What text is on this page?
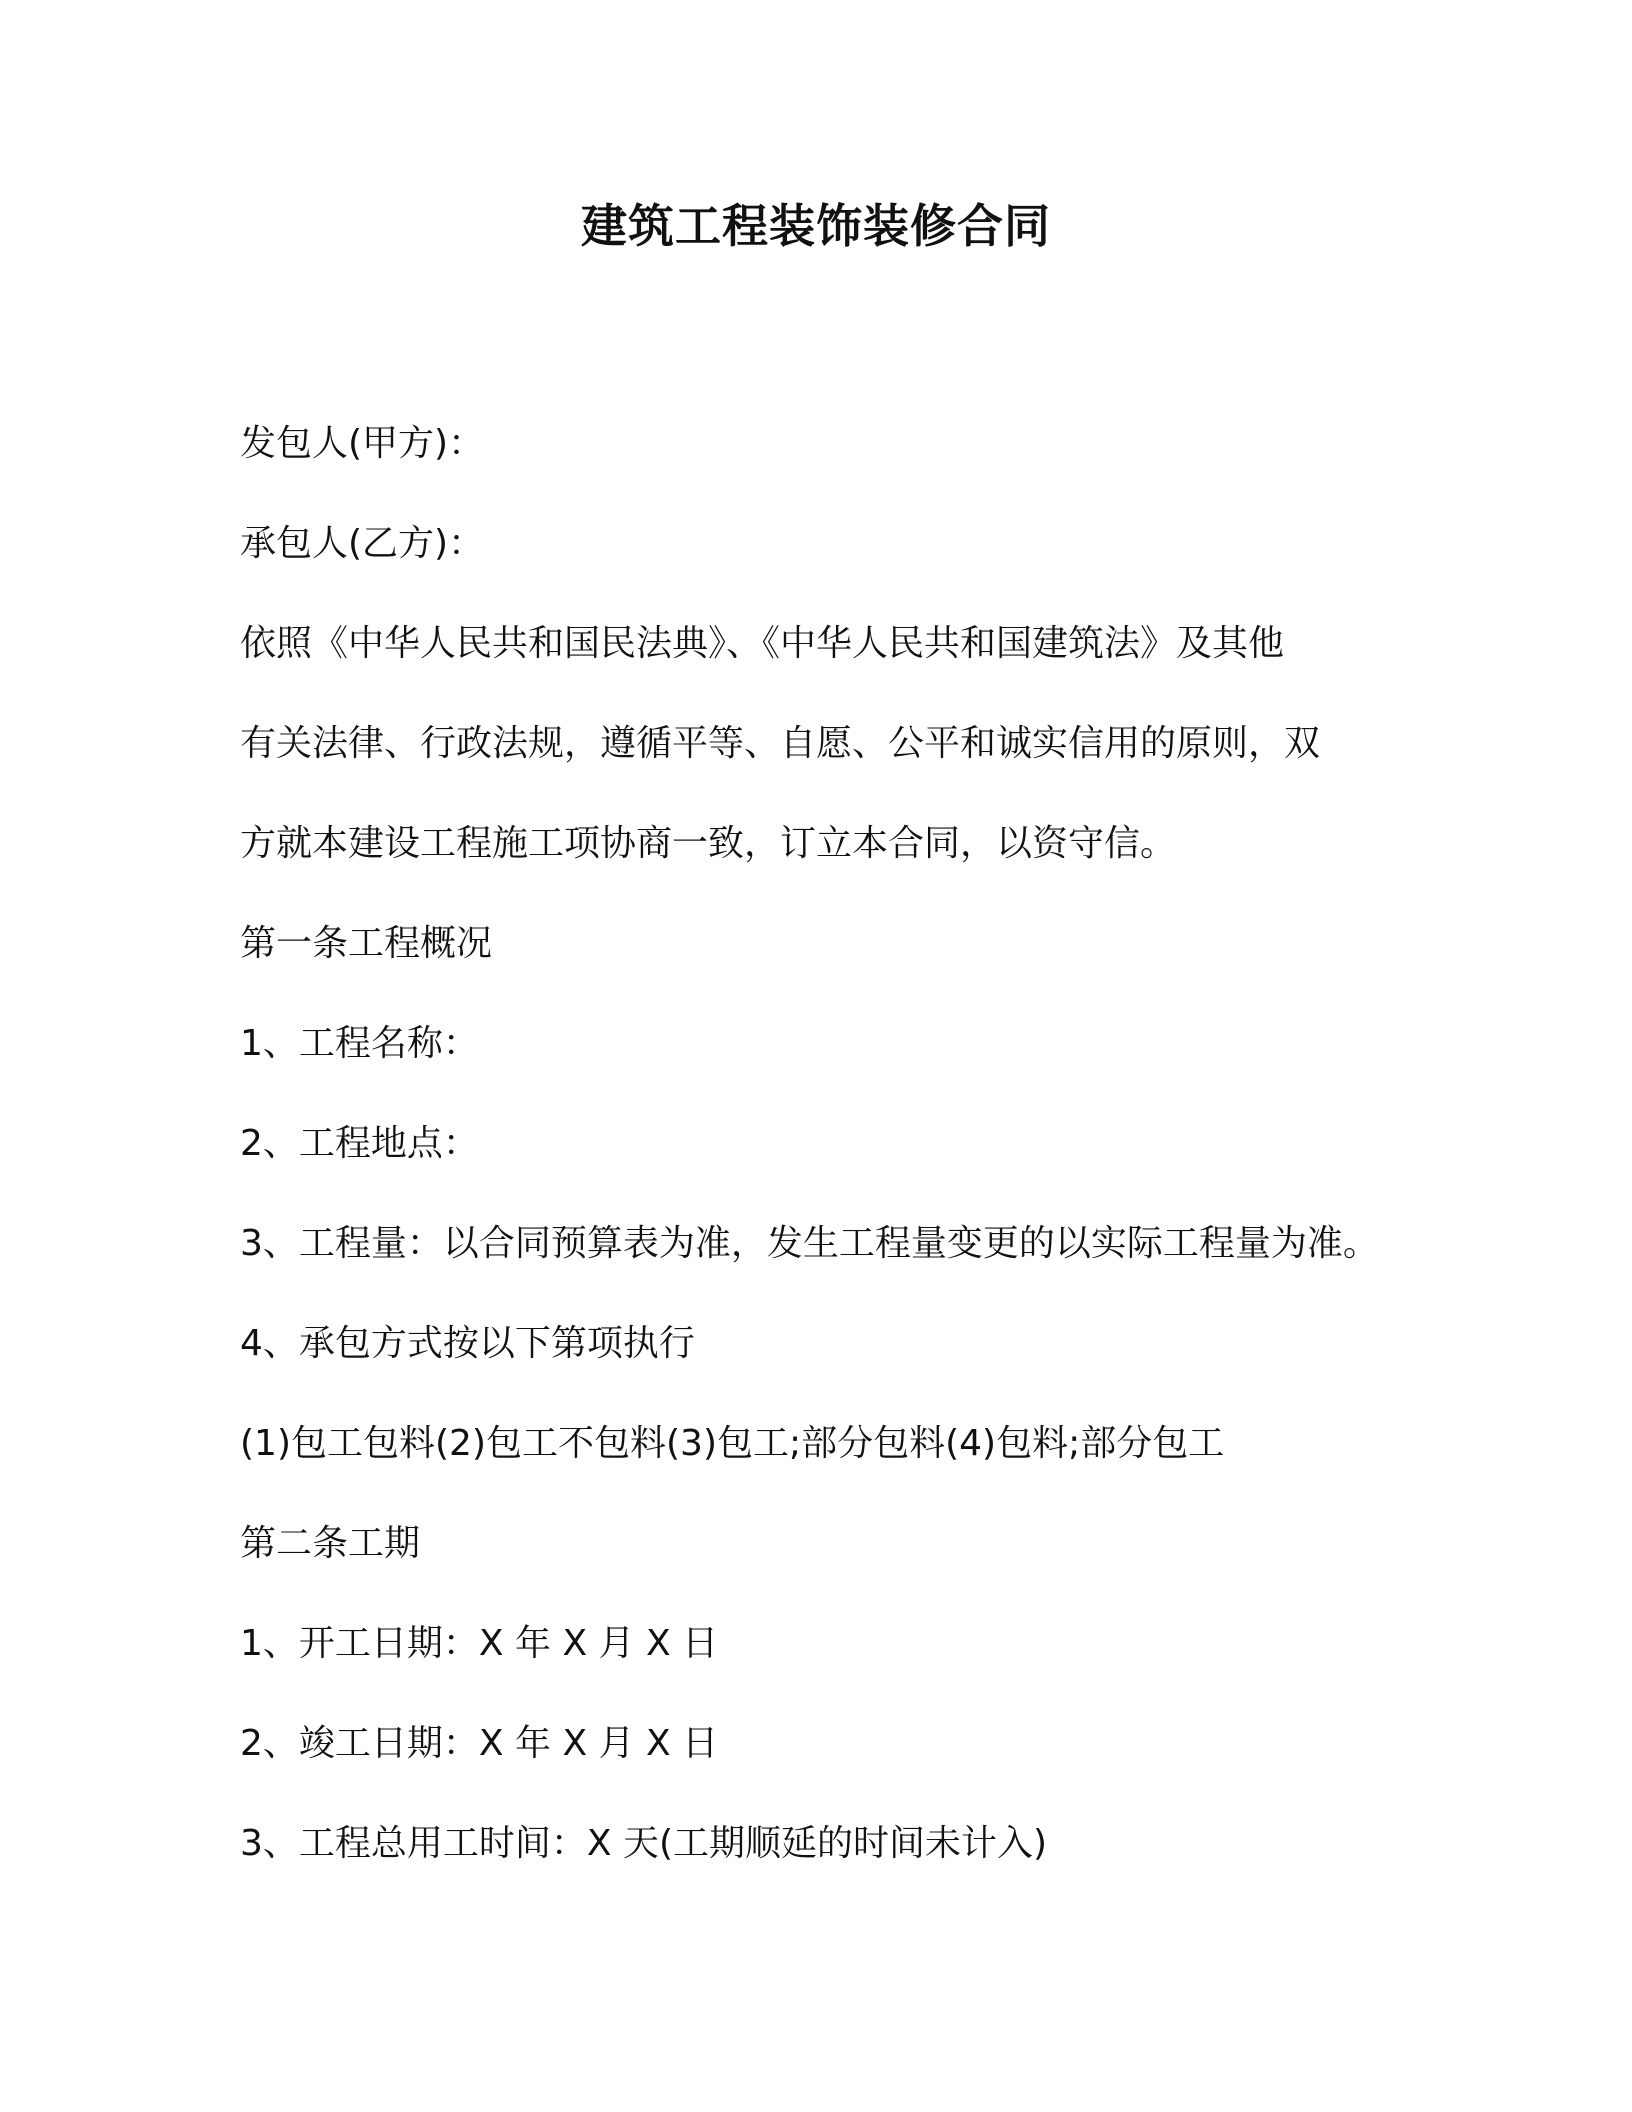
建筑工程装饰装修合同
发包人(甲方)：
承包人(乙方)：
依照《中华人民共和国民法典》、《中华人民共和国建筑法》及其他
有关法律、行政法规，遵循平等、自愿、公平和诚实信用的原则，双
方就本建设工程施工项协商一致，订立本合同，以资守信。
第一条工程概况
1、工程名称：
2、工程地点：
3、工程量：以合同预算表为准，发生工程量变更的以实际工程量为准。
4、承包方式按以下第项执行
(1)包工包料(2)包工不包料(3)包工;部分包料(4)包料;部分包工
第二条工期
1、开工日期：X 年 X 月 X 日
2、竣工日期：X 年 X 月 X 日
3、工程总用工时间：X 天(工期顺延的时间未计入)
